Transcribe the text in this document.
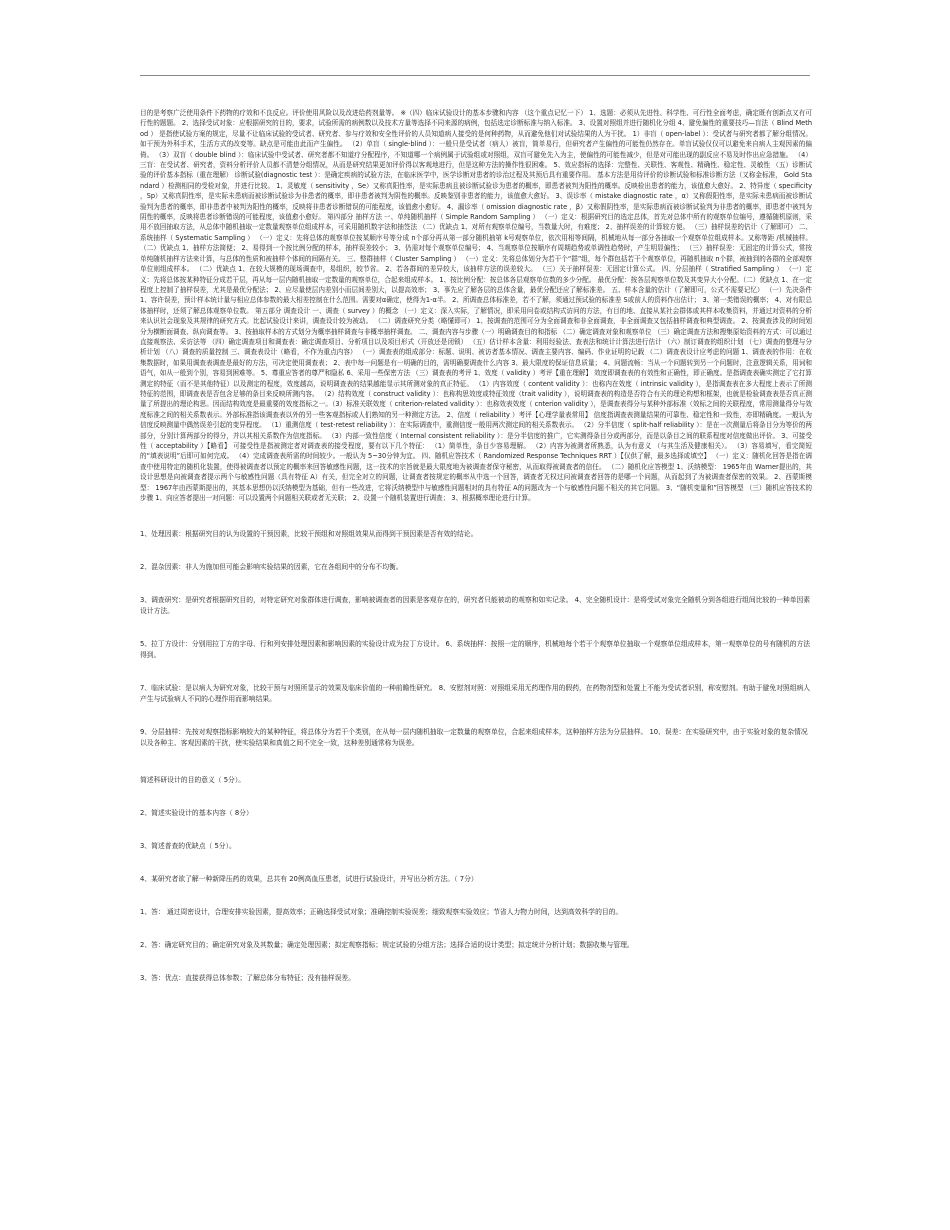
目的是考察广泛使用条件下药物的疗效和不良反应。评价使用风险以及改进给药剂量等。 ※（四）临床试验设计的基本步骤和内容 （这个重点记忆一下） 1、选题：必须从先进性、科学性、可行性全面考虑，确定既有创新点又有可行性的题题。 2、选择受试对象：应根据研究的目的，要求，试验所需的病例数以及技术方量等选择不同来源的病例，包括选定诊断标准与纳入标准。 3、设置对照组并进行随机化分组 4、避免偏性的重要技巧—盲法（ Blind Method ） 是指使试验方案的规定，尽量不让临床试验的受试者、研究者、参与疗效和安全性评价的人员知道病人接受的是何种药物，从而避免他们对试验结果的人为干扰。 1）非盲（ open-label ）：受试者与研究者都了解分组情况。如干预为外科手术，生活方式的改变等。缺点是可能由此而产生偏性。 （2）单盲（ single-blind ）：一般只是受试者（病人）被盲，简单易行，但研究者产生偏性的可能性仍然存在。单盲试验仅仅可以避免来自病人主观因素的偏倚。 （3）双盲（ double blind ）：临床试验中受试者、研究者都不知道疗分配程序，不知道哪一个病例属于试验组或对照组，双盲可避免先入为主，使偏性的可能性减少，但是对可能出现的副反应不易及时作出应急措施。 （4）三盲：在受试者、研究者，资料分析评价人员都不清楚分组情况，从而是研究结果更加评价得以客观地进行，但是这种方法的操作性很困难。 5、效应指标的选择：完整性、关联性、客观性、精确性、稳定性、灵敏性 （五）诊断试验的评价基本指标（重在理解） 诊断试验(diagnostic test ）：是确定疾病的试验方法，在临床医学中，医学诊断对患者的诊治过程及其预后具有重要作用。 基本方法是用待评价的诊断试验和标准诊断方法（又称金标准， Gold Standard ）检测相同的受检对象，并进行比较。 1、灵敏度（ sensitivity ，Se）又称真阳性率，是实际患病且被诊断试验诊为患者的概率，即患者被判为阳性的概率。反映检出患者的能力，该值愈大愈好。 2、特异度（ specificity ，Sp）又称真阴性率，是实际未患病而被诊断试验诊为非患者的概率，即非患者被判为阴性的概率。反映鉴别非患者的能力，该值愈大愈好。 3、误诊率（ mistake diagnostic rate ，α）又称假阳性率，是实际未患病而被诊断试验判为患者的概率，即非患者中被判为阳性的概率，反映将非患者诊断错误的可能程度，该值愈小愈好。 4、漏诊率（ omission diagnostic rate ，β）又称假阴性率，是实际患病而被诊断试验判为非患者的概率，即患者中被判为阴性的概率，反映将患者诊断错误的可能程度，该值愈小愈好。 第四部分 抽样方法 一、单纯随机抽样（ Simple Random Sampling ） （一）定义：根据研究目的选定总体，首先对总体中所有的观察单位编号，遵循随机原则，采用不放回抽取方法，从总体中随机抽取一定数量观察单位组成样本，可采用随机数字法和抽签法 （二）优缺点 1、对所有观察单位编号，当数量大时，有难度； 2、抽样误差的计算较方便。 （三）抽样误差的估计（了解即可） 二、系统抽样（ Systematic Sampling ） （一）定义：先将总体的观察单位按某顺序号等分成 n个部分再从第一部分随机抽第 k号观察单位，依次用相等间隔，机械地从每一部分各抽取一个观察单位组成样本。又称等距 /机械抽样。 （二）优缺点 1、抽样方法简便； 2、易得到一个按比例分配的样本，抽样误差较小； 3、仍需对每个观察单位编号； 4、当观察单位按顺序有周期趋势或单调性趋势时，产生明显偏性； （三）抽样误差：无固定的计算公式，常按单纯随机抽样方法来计算，与总体的性质和被抽样个体间的间隔有关。 三、整群抽样（ Cluster Sampling ） （一）定义：先将总体划分为若干个“群”组，每个群包括若干个观察单位，再随机抽取 n个群，被抽到的各群的全部观察单位则组成样本。 （二）优缺点 1、在较大规模的现场调查中，易组织，较节省。 2、若各群间的差异较大，该抽样方法的误差较大。 （三）关于抽样误差：无固定计算公式。 四、分层抽样（ Stratified Sampling ） （一）定义：先将总体按某种特征分成若干层，再从每一层内随机抽取一定数量的观察单位，合起来组成样本。 1、按比例分配：按总体各层观察单位数的多少分配。 最优分配：按各层观察单位数及其变异大小分配。（二）优缺点 1、在一定程度上控制了抽样误差，尤其是最优分配法； 2、应尽量使层内差别小而层间差别大，以提高效率； 3、事先应了解各层的总体含量，最优分配还应了解标准差。 五、样本含量的估计（了解即可，公式不需要记忆） （一）先决条件 1、容许误差，预计样本统计量与相应总体参数的最大相差控制在什么范围。需要对α确定，使得为1-α半。 2、所调查总体标准差，若不了解，须通过预试验的标准差 S或前人的资料作出估计； 3、第一类错误的概率； 4、对有限总体抽样时，还须了解总体观察单位数。 第五部分 调查设计 一、调查（ survey ）的概念 （一）定义：深入实际，了解情况，即采用问卷或结构式访问的方法，有目的地、直接从某社会群体或其样本收集资料，并通过对资料的分析来认识社会现象及其规律的研究方式。比起试验设计来讲，调查设计较为被动。 （二）调查研究分类（略懂即可） 1、按调查的范围可分为全面调查和非全面调查，非全面调查又包括抽样调查和典型调查。 2、按调查涉及的时间划分为横断面调查、纵向调查等。 3、按抽取样本的方式划分为概率抽样调查与非概率抽样调查。 二、调查内容与步骤（一）明确调查目的和指标 （二）确定调查对象和观察单位 （三）确定调查方法和搜集原始资料的方式：可以通过直接观察法、采访法等 （四）确定调查项目和调查表：确定调查项目、分析项目以及项目形式（开放还是闭锁） （五）估计样本含量：利用经验法、查表法和统计计算法进行估计 （六）制订调查的组织计划 （七）调查的整理与分析计划 （八）调查的质量控制 三、调查表设计（略看，不作为重点内容） （一）调查表的组成部分：标题、说明、被访者基本情况、调查主要内容、编码、作业证明的记载 （二）调查表设计应考虑的问题 1、调查表的作用：在收集数据时，如果用调查表调查是最好的方法，可决定使用调查表； 2、表中每一问题是有一明确的目的，需明确要调查什么内容 3、最大限度的保证信息质量； 4、问题流畅：当从一个问题转到另一个问题时，注意逻辑关系，用词和语气，如从一般到个别，容易到困难等。 5、尊重应答者的尊严和隐私 6、采用一些保密方法 （三）调查表的考评 1、效度（ validity ）考评【重在理解】 效度即调查表的有效性和正确性，即正确度。是指调查表确实测定了它打算测定的特征（而不是其他特征）以及测定的程度，效度越高，说明调查表的结果越能显示其所测对象的真正特征。 （1）内容效度（ content validity ）：也称内在效度（ intrinsic validity ），是指调查表在多大程度上表示了所测特征的范围，即调查表是否包含足够的条目来反映所测内容。 （2）结构效度（ construct validity ）：也称构思效度或特征效度（trait validity ），说明调查表的构造是否符合有关的理论构想和框架，也就是检验调查表是否真正测量了所提出的理论构思。因而结构效度是最重要的效度指标之一。（3）标准关联效度（ criterion-related validity ）：也称效表效度（ cnterion validity ），是调查表得分与某种外部标准（效标之间的关联程度，常用测量得分与效度标准之间的相关系数表示。外部标准指该调查表以外的另一些客观指标或人们熟知的另一种测定方法。 2、信度（ reliability ）考评【心理学量表常用】 信度指调查表测量结果的可靠性、稳定性和一致性，亦即精确度。一般认为信度反映测量中偶然误差引起的变异程度。 （1）重测信度（ test-retest reliability ）：在实际调查中，重测信度一般用两次测定间的相关系数表示。 （2）分半信度（ split-half reliability ）：是在一次测量后将条目分为等价的两部分，分别计算两部分的得分，并以其相关系数作为信度指标。 （3）内部一致性信度（ Internal consistent reliability ）：是分半信度的推广，它实测得条目分或两部分，而是以条目之间的联系程度对信度做出评价。 3、可接受性（ acceptability ）【略看】 可接受性是指被测定者对调查表的接受程度，要有以下几个特征： （1）简单性，条目少容易理解。 （2）内容为被测者所熟悉，认为有意义 （与其生活及健康相关）。 （3）容易填写，看完简短的“填表说明”后即可如何完成。 （4）完成调查表所需的时间较少。一般认为 5~30分钟为宜。 四、随机应答技术（ Randomized Response Techniques RRT ）【仅供了解，最多选择或填空】 （一）定义：随机化回答是指在调查中使用特定的随机化装置，使得被调查者以预定的概率来回答敏感性问题，这一技术的宗旨就是最大限度地为被调查者保守秘密，从而取得被调查者的信任。 （二）随机化应答模型 1、沃纳模型： 1965年由 Warner提出的，其设计思想是向被调查者提示两个与敏感性问题（具有特征 A）有关，但完全对立的问题，让调查者按规定的概率从中选一个回答，调查者无权过问被调查者回答的是哪一个问题，从而起到了为被调查者保密的效果。 2、西蒙斯模型： 1967年由西蒙斯提出的，其基本思想仍以沃纳模型为基础，但有一些改进，它将沃纳模型中与敏感性问题相对的具有特征 A的问题改为一个与敏感性问题不相关的其它问题。 3、“随机变量和”回答模型 （三）随机应答技术的步骤 1、向应答者提出一对问题：可以设置两个问题相关联或者无关联； 2、设置一个随机装置进行调查； 3、根据概率理论进行计算。

1、处理因素：根据研究目的认为设置的干预因素，比较干预组和对照组效果从而得到干预因素是否有效的结论。

2、混杂因素：非人为施加但可能会影响实验结果的因素，它在各组间中的分布不均衡。

3、调查研究：是研究者根据研究目的，对特定研究对象群体进行调查，影响被调查者的因素是客观存在的，研究者只能被动的观察和如实记录。 4、完全随机设计：是将受试对象完全随机分到各组进行组间比较的一种单因素设计方法。

5、拉丁方设计：分别用拉丁方的字母、行和列安排处理因素和影响因素的实验设计成为拉丁方设计。 6、系统抽样：按照一定的顺序，机械地每个若干个观察单位抽取一个观察单位组成样本，第一观察单位的号有随机的方法得到。

7、临床试验：是以病人为研究对象，比较干预与对照所显示的效果及临床价值的一种前瞻性研究。 8、安慰剂对照：对照组采用无药理作用的假药，在药物剂型和处置上不能为受试者识别，称安慰剂。有助于避免对照组病人产生与试验病人不同的心理作用而影响结果。

9、分层抽样：先按对观察指标影响较大的某种特征，将总体分为若干个类别，在从每一层内随机抽取一定数量的观察单位，合起来组成样本，这种抽样方法为分层抽样。 10、误差：在实验研究中，由于实验对象的复杂情况以及各种主、客观因素的干扰，使实验结果和真值之间不完全一致，这种差别通常称为误差。

简述科研设计的目的意义（ 5分）。

2、简述实验设计的基本内容（ 8分）

3、简述普查的优缺点（ 5分）。

4、某研究者欲了解一种新降压药的效果，总共有 20例高血压患者，试进行试验设计，并写出分析方法。（ 7分）

1、答： 通过周密设计，合理安排实验因素，提高效率；正确选择受试对象；准确控制实验误差；细致观察实验效应；节省人力物力时间，达到高效科学的目的。

2、答：确定研究目的；确定研究对象及其数量；确定处理因素；拟定观察指标；规定试验的分组方法；选择合适的设计类型；拟定统计分析计划；数据收集与管理。

3、答：优点：直接获得总体参数；了解总体分布特征；没有抽样误差。
